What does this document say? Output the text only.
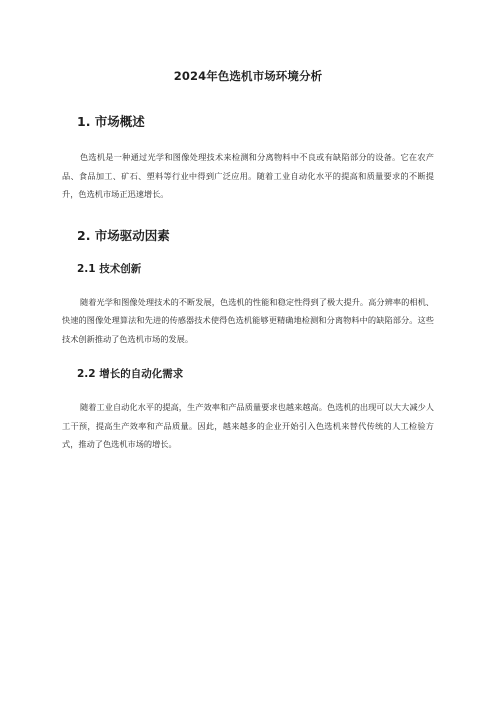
2024年色选机市场环境分析
1. 市场概述

色选机是一种通过光学和图像处理技术来检测和分离物料中不良或有缺陷部分的设备。它在农产品、食品加工、矿石、塑料等行业中得到广泛应用。随着工业自动化水平的提高和质量要求的不断提升，色选机市场正迅速增长。

2. 市场驱动因素
2.1 技术创新

随着光学和图像处理技术的不断发展，色选机的性能和稳定性得到了极大提升。高分辨率的相机、快速的图像处理算法和先进的传感器技术使得色选机能够更精确地检测和分离物料中的缺陷部分。这些技术创新推动了色选机市场的发展。

2.2 增长的自动化需求

随着工业自动化水平的提高，生产效率和产品质量要求也越来越高。色选机的出现可以大大减少人工干预，提高生产效率和产品质量。因此，越来越多的企业开始引入色选机来替代传统的人工检验方式，推动了色选机市场的增长。
